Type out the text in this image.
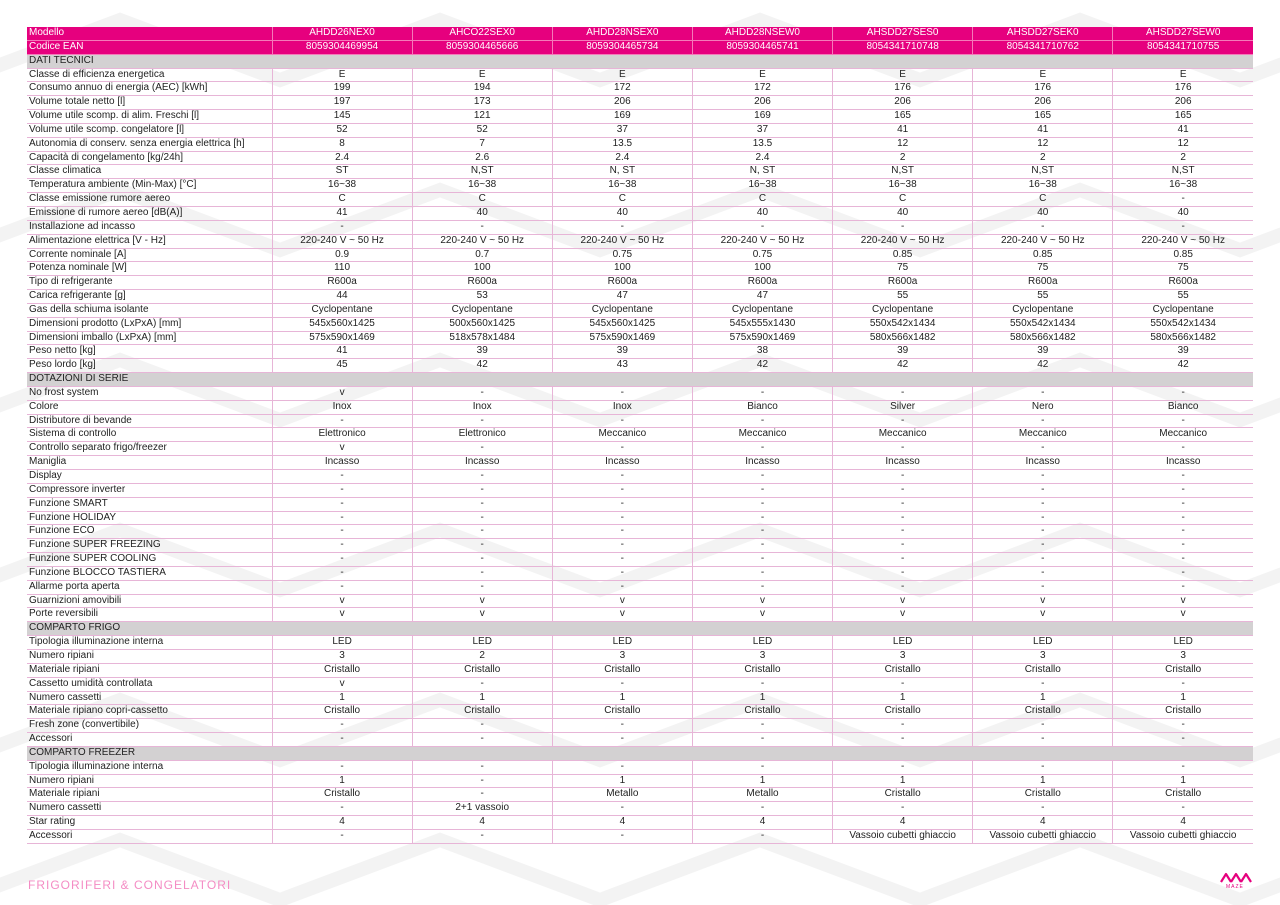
Modello	AHDD26NEX0	AHCO22SEX0	AHDD28NSEX0	AHDD28NSEW0	AHSDD27SES0	AHSDD27SEK0	AHSDD27SEW0
Codice EAN	8059304469954	8059304465666	8059304465734	8059304465741	8054341710748	8054341710762	8054341710755
DATI TECNICI							
Classe di efficienza energetica	E	E	E	E	E	E	E
Consumo annuo di energia (AEC) [kWh]	199	194	172	172	176	176	176
Volume totale netto [l]	197	173	206	206	206	206	206
Volume utile scomp. di alim. Freschi [l]	145	121	169	169	165	165	165
Volume utile scomp. congelatore [l]	52	52	37	37	41	41	41
Autonomia di conserv. senza energia elettrica [h]	8	7	13.5	13.5	12	12	12
Capacità di congelamento [kg/24h]	2.4	2.6	2.4	2.4	2	2	2
Classe climatica	ST	N,ST	N, ST	N, ST	N,ST	N,ST	N,ST
Temperatura ambiente (Min-Max) [°C]	16~38	16~38	16~38	16~38	16~38	16~38	16~38
Classe emissione rumore aereo	C	C	C	C	C	C	-
Emissione di rumore aereo [dB(A)]	41	40	40	40	40	40	40
Installazione ad incasso	-	-	-	-	-	-	-
Alimentazione elettrica [V - Hz]	220-240 V ~ 50 Hz	220-240 V ~ 50 Hz	220-240 V ~ 50 Hz	220-240 V ~ 50 Hz	220-240 V ~ 50 Hz	220-240 V ~ 50 Hz	220-240 V ~ 50 Hz
Corrente nominale [A]	0.9	0.7	0.75	0.75	0.85	0.85	0.85
Potenza nominale [W]	110	100	100	100	75	75	75
Tipo di refrigerante	R600a	R600a	R600a	R600a	R600a	R600a	R600a
Carica refrigerante [g]	44	53	47	47	55	55	55
Gas della schiuma isolante	Cyclopentane	Cyclopentane	Cyclopentane	Cyclopentane	Cyclopentane	Cyclopentane	Cyclopentane
Dimensioni prodotto (LxPxA) [mm]	545x560x1425	500x560x1425	545x560x1425	545x555x1430	550x542x1434	550x542x1434	550x542x1434
Dimensioni imballo (LxPxA) [mm]	575x590x1469	518x578x1484	575x590x1469	575x590x1469	580x566x1482	580x566x1482	580x566x1482
Peso netto [kg]	41	39	39	38	39	39	39
Peso lordo [kg]	45	42	43	42	42	42	42
DOTAZIONI DI SERIE							
No frost system	v	-	-	-	-	-	-
Colore	Inox	Inox	Inox	Bianco	Silver	Nero	Bianco
Distributore di bevande	-	-	-	-	-	-	-
Sistema di controllo	Elettronico	Elettronico	Meccanico	Meccanico	Meccanico	Meccanico	Meccanico
Controllo separato frigo/freezer	v	-	-	-	-	-	-
Maniglia	Incasso	Incasso	Incasso	Incasso	Incasso	Incasso	Incasso
Display	-	-	-	-	-	-	-
Compressore inverter	-	-	-	-	-	-	-
Funzione SMART	-	-	-	-	-	-	-
Funzione HOLIDAY	-	-	-	-	-	-	-
Funzione ECO	-	-	-	-	-	-	-
Funzione SUPER FREEZING	-	-	-	-	-	-	-
Funzione SUPER COOLING	-	-	-	-	-	-	-
Funzione BLOCCO TASTIERA	-	-	-	-	-	-	-
Allarme porta aperta	-	-	-	-	-	-	-
Guarnizioni amovibili	v	v	v	v	v	v	v
Porte reversibili	v	v	v	v	v	v	v
COMPARTO FRIGO							
Tipologia illuminazione interna	LED	LED	LED	LED	LED	LED	LED
Numero ripiani	3	2	3	3	3	3	3
Materiale ripiani	Cristallo	Cristallo	Cristallo	Cristallo	Cristallo	Cristallo	Cristallo
Cassetto umidità controllata	v	-	-	-	-	-	-
Numero cassetti	1	1	1	1	1	1	1
Materiale ripiano copri-cassetto	Cristallo	Cristallo	Cristallo	Cristallo	Cristallo	Cristallo	Cristallo
Fresh zone (convertibile)	-	-	-	-	-	-	-
Accessori	-	-	-	-	-	-	-
COMPARTO FREEZER							
Tipologia illuminazione interna	-	-	-	-	-	-	-
Numero ripiani	1	-	1	1	1	1	1
Materiale ripiani	Cristallo	-	Metallo	Metallo	Cristallo	Cristallo	Cristallo
Numero cassetti	-	2+1 vassoio	-	-	-	-	-
Star rating	4	4	4	4	4	4	4
Accessori	-	-	-	-	Vassoio cubetti ghiaccio	Vassoio cubetti ghiaccio	Vassoio cubetti ghiaccio
FRIGORIFERI & CONGELATORI	MAZE
